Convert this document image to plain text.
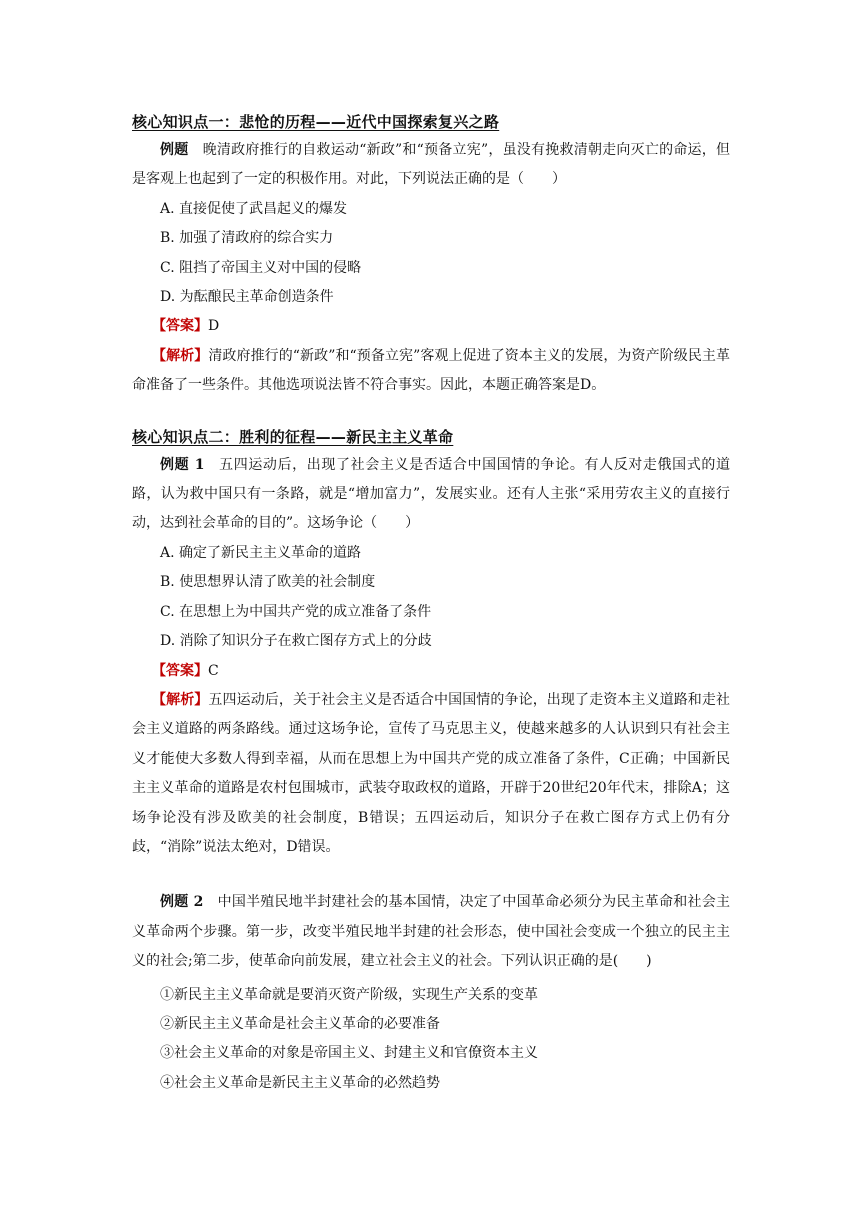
核心知识点一：悲怆的历程——近代中国探索复兴之路

例题   晚清政府推行的自救运动“新政”和“预备立宪”，虽没有挽救清朝走向灭亡的命运，但是客观上也起到了一定的积极作用。对此，下列说法正确的是（　　）

A. 直接促使了武昌起义的爆发

B. 加强了清政府的综合实力

C. 阻挡了帝国主义对中国的侵略

D. 为酝酿民主革命创造条件

【答案】D

【解析】清政府推行的“新政”和“预备立宪”客观上促进了资本主义的发展，为资产阶级民主革命准备了一些条件。其他选项说法皆不符合事实。因此，本题正确答案是D。

核心知识点二：胜利的征程——新民主主义革命

例题 1   五四运动后，出现了社会主义是否适合中国国情的争论。有人反对走俄国式的道路，认为救中国只有一条路，就是“增加富力”，发展实业。还有人主张“采用劳农主义的直接行动，达到社会革命的目的”。这场争论（　　）

A. 确定了新民主主义革命的道路

B. 使思想界认清了欧美的社会制度

C. 在思想上为中国共产党的成立准备了条件

D. 消除了知识分子在救亡图存方式上的分歧

【答案】C

【解析】五四运动后，关于社会主义是否适合中国国情的争论，出现了走资本主义道路和走社会主义道路的两条路线。通过这场争论，宣传了马克思主义，使越来越多的人认识到只有社会主义才能使大多数人得到幸福，从而在思想上为中国共产党的成立准备了条件，C正确；中国新民主主义革命的道路是农村包围城市，武装夺取政权的道路，开辟于20世纪20年代末，排除A；这场争论没有涉及欧美的社会制度，B错误；五四运动后，知识分子在救亡图存方式上仍有分歧，“消除”说法太绝对，D错误。

例题 2   中国半殖民地半封建社会的基本国情，决定了中国革命必须分为民主革命和社会主义革命两个步骤。第一步，改变半殖民地半封建的社会形态，使中国社会变成一个独立的民主主义的社会;第二步，使革命向前发展，建立社会主义的社会。下列认识正确的是(　　)

①新民主主义革命就是要消灭资产阶级，实现生产关系的变革

②新民主主义革命是社会主义革命的必要准备

③社会主义革命的对象是帝国主义、封建主义和官僚资本主义

④社会主义革命是新民主主义革命的必然趋势
